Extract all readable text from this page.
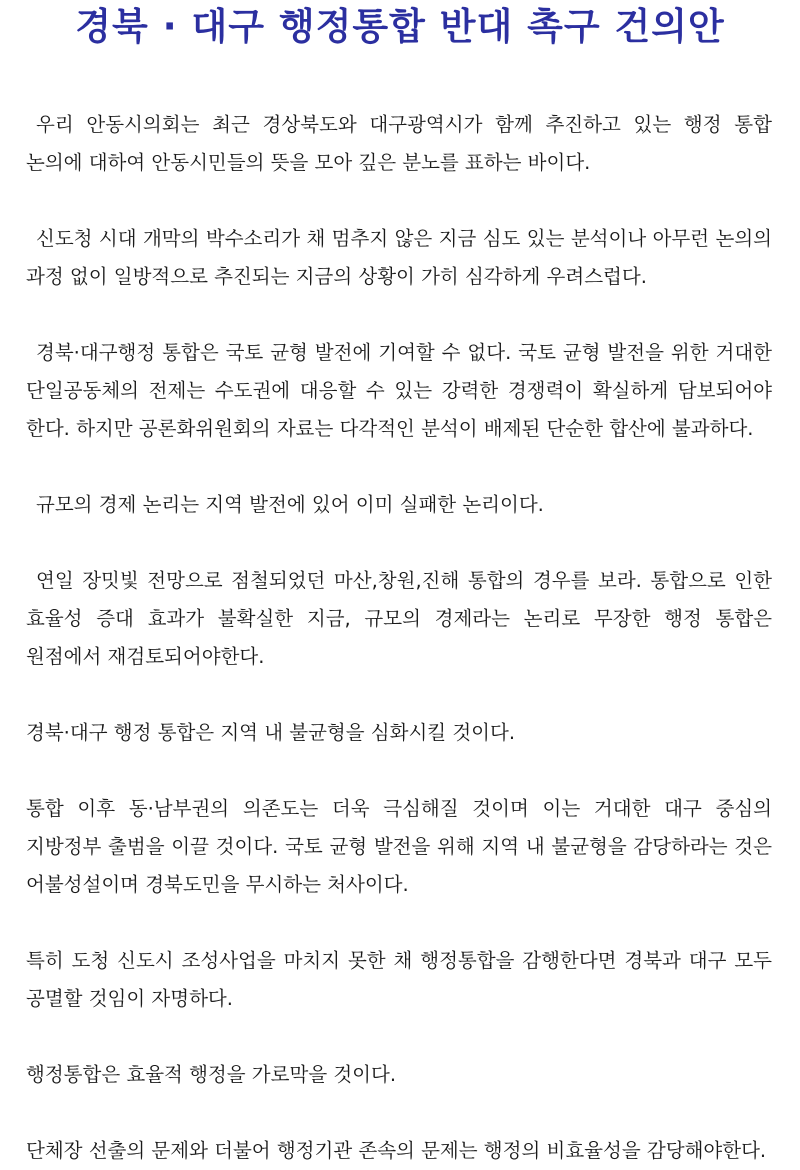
경북 · 대구 행정통합 반대 촉구 건의안

우리 안동시의회는 최근 경상북도와 대구광역시가 함께 추진하고 있는 행정 통합 논의에 대하여 안동시민들의 뜻을 모아 깊은 분노를 표하는 바이다.

신도청 시대 개막의 박수소리가 채 멈추지 않은 지금 심도 있는 분석이나 아무런 논의의 과정 없이 일방적으로 추진되는 지금의 상황이 가히 심각하게 우려스럽다.

경북·대구행정 통합은 국토 균형 발전에 기여할 수 없다. 국토 균형 발전을 위한 거대한 단일공동체의 전제는 수도권에 대응할 수 있는 강력한 경쟁력이 확실하게 담보되어야 한다. 하지만 공론화위원회의 자료는 다각적인 분석이 배제된 단순한 합산에 불과하다.

규모의 경제 논리는 지역 발전에 있어 이미 실패한 논리이다.

연일 장밋빛 전망으로 점철되었던 마산,창원,진해 통합의 경우를 보라. 통합으로 인한 효율성 증대 효과가 불확실한 지금, 규모의 경제라는 논리로 무장한 행정 통합은 원점에서 재검토되어야한다.

경북·대구 행정 통합은 지역 내 불균형을 심화시킬 것이다.

통합 이후 동·남부권의 의존도는 더욱 극심해질 것이며 이는 거대한 대구 중심의 지방정부 출범을 이끌 것이다. 국토 균형 발전을 위해 지역 내 불균형을 감당하라는 것은 어불성설이며 경북도민을 무시하는 처사이다.

특히 도청 신도시 조성사업을 마치지 못한 채 행정통합을 감행한다면 경북과 대구 모두 공멸할 것임이 자명하다.

행정통합은 효율적 행정을 가로막을 것이다.

단체장 선출의 문제와 더불어 행정기관 존속의 문제는 행정의 비효율성을 감당해야한다.
